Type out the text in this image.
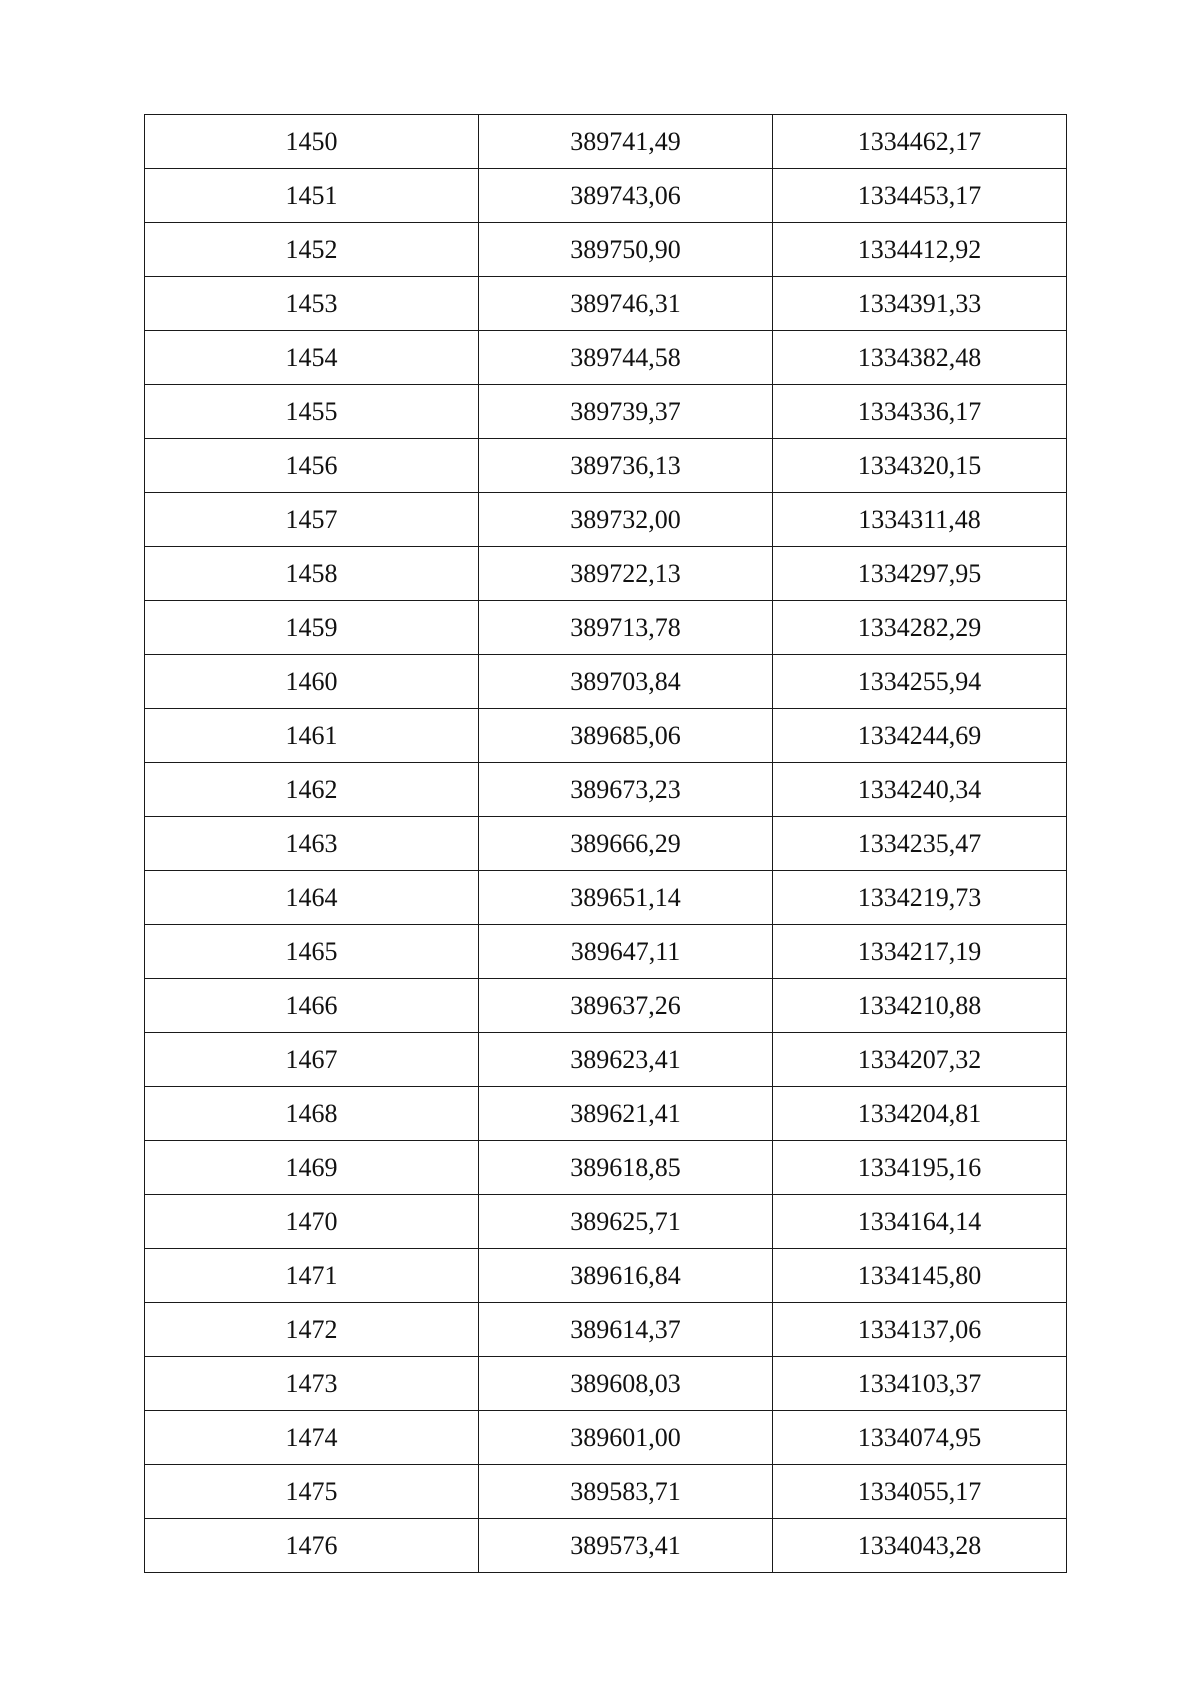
1450	389741,49	1334462,17
1451	389743,06	1334453,17
1452	389750,90	1334412,92
1453	389746,31	1334391,33
1454	389744,58	1334382,48
1455	389739,37	1334336,17
1456	389736,13	1334320,15
1457	389732,00	1334311,48
1458	389722,13	1334297,95
1459	389713,78	1334282,29
1460	389703,84	1334255,94
1461	389685,06	1334244,69
1462	389673,23	1334240,34
1463	389666,29	1334235,47
1464	389651,14	1334219,73
1465	389647,11	1334217,19
1466	389637,26	1334210,88
1467	389623,41	1334207,32
1468	389621,41	1334204,81
1469	389618,85	1334195,16
1470	389625,71	1334164,14
1471	389616,84	1334145,80
1472	389614,37	1334137,06
1473	389608,03	1334103,37
1474	389601,00	1334074,95
1475	389583,71	1334055,17
1476	389573,41	1334043,28
